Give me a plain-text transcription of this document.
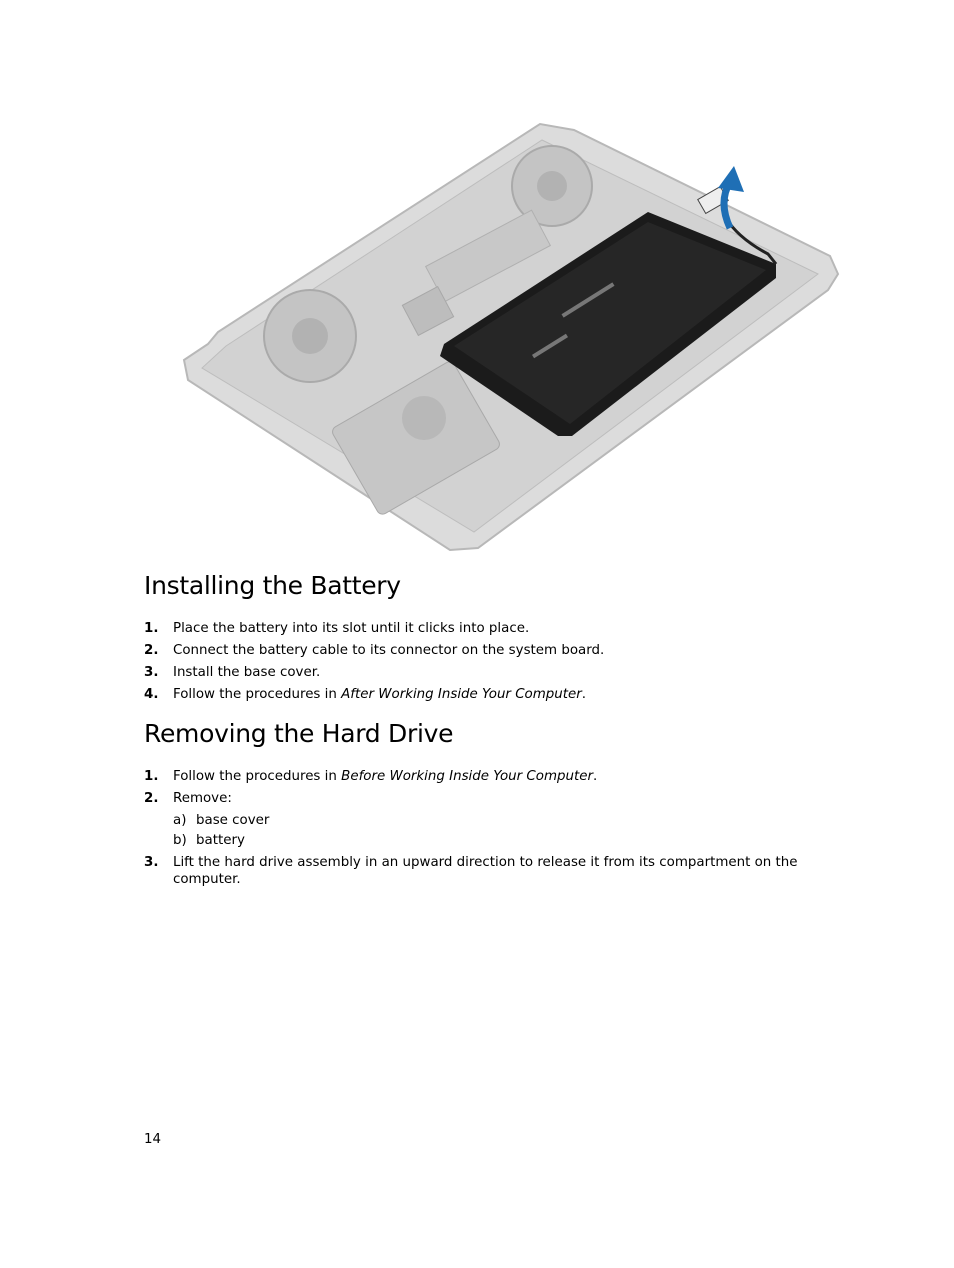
Installing the Battery

1. Place the battery into its slot until it clicks into place.

2. Connect the battery cable to its connector on the system board.

3. Install the base cover.

4. Follow the procedures in After Working Inside Your Computer.

Removing the Hard Drive

1. Follow the procedures in Before Working Inside Your Computer.

2. Remove:

a) base cover

b) battery

3. Lift the hard drive assembly in an upward direction to release it from its compartment on the computer.

14
